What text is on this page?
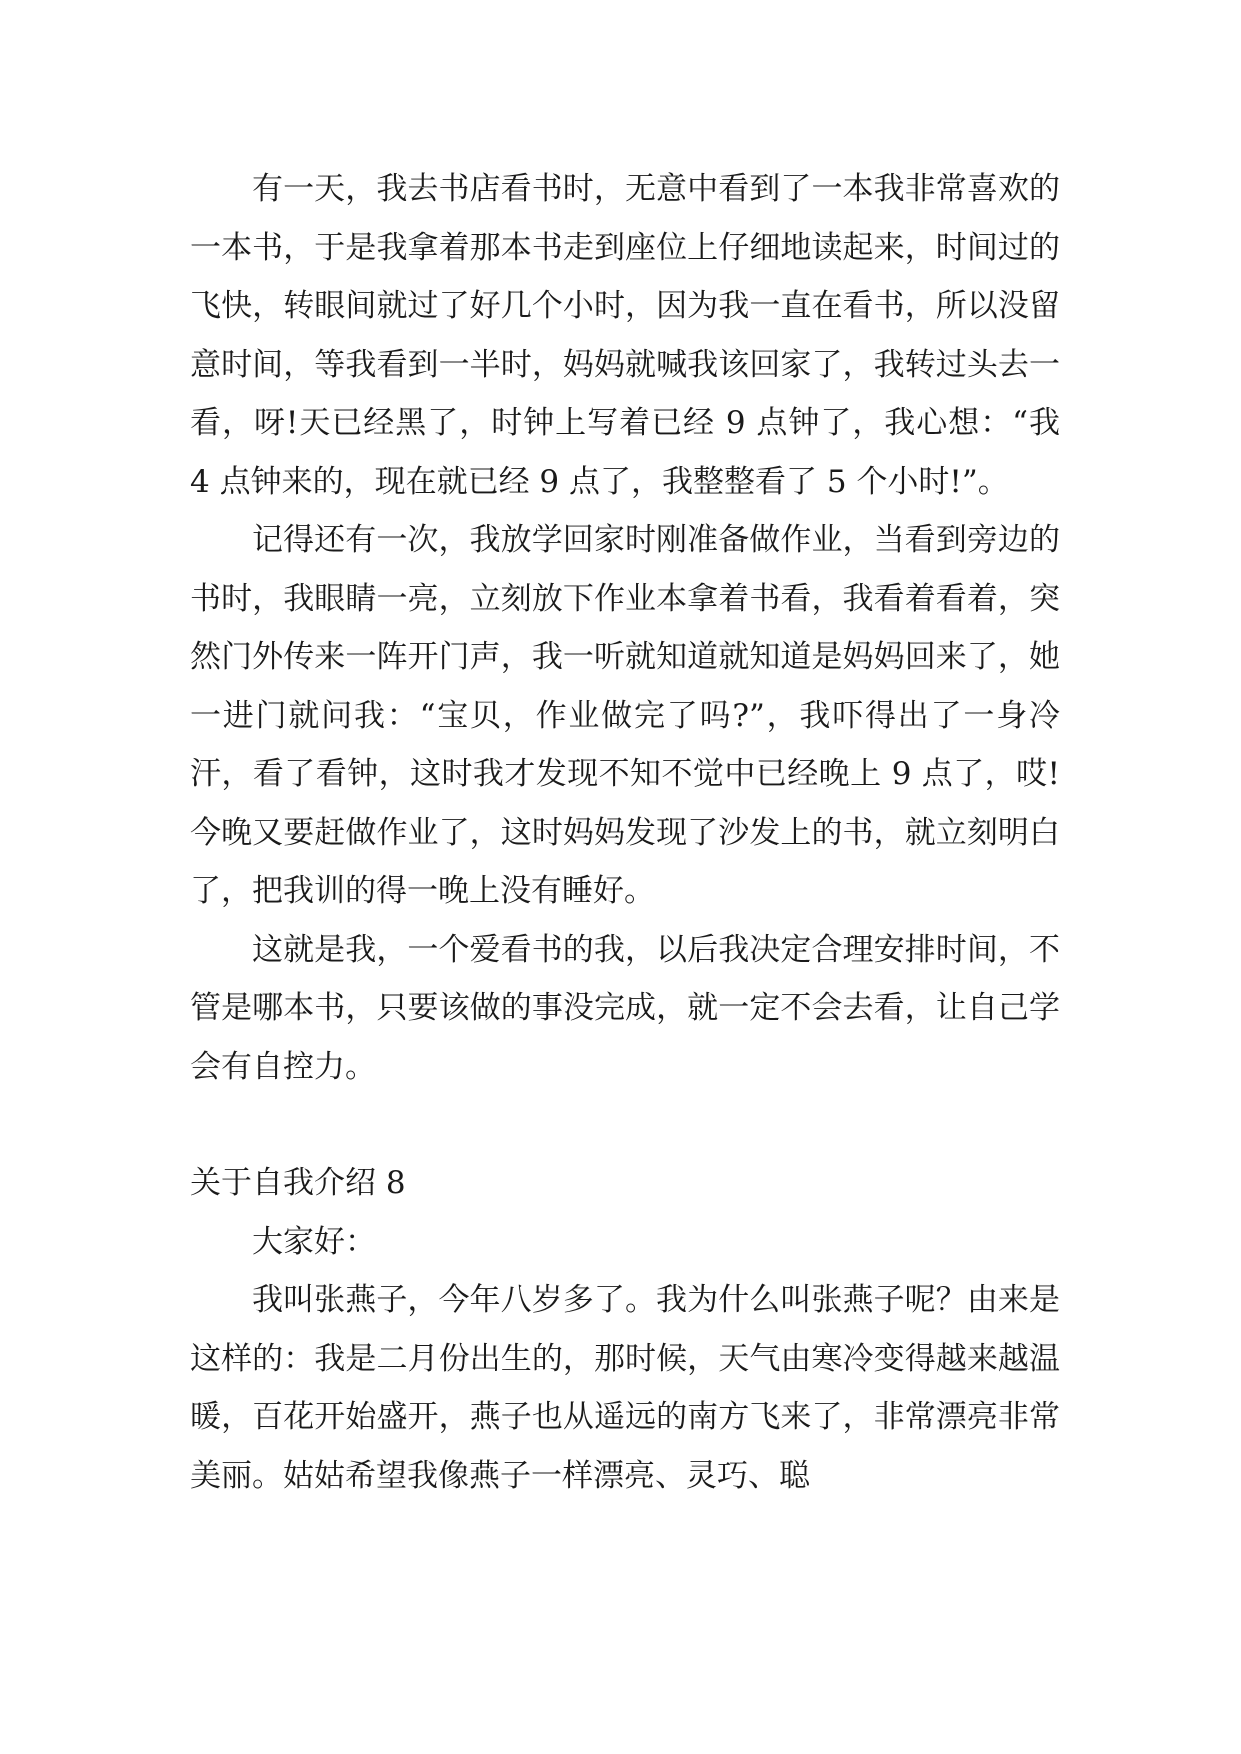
有一天，我去书店看书时，无意中看到了一本我非常喜欢的一本书，于是我拿着那本书走到座位上仔细地读起来，时间过的飞快，转眼间就过了好几个小时，因为我一直在看书，所以没留意时间，等我看到一半时，妈妈就喊我该回家了，我转过头去一看，呀!天已经黑了，时钟上写着已经 9 点钟了，我心想：“我 4 点钟来的，现在就已经 9 点了，我整整看了 5 个小时!”。

记得还有一次，我放学回家时刚准备做作业，当看到旁边的书时，我眼睛一亮，立刻放下作业本拿着书看，我看着看着，突然门外传来一阵开门声，我一听就知道就知道是妈妈回来了，她一进门就问我：“宝贝，作业做完了吗?”，我吓得出了一身冷汗，看了看钟，这时我才发现不知不觉中已经晚上 9 点了，哎!今晚又要赶做作业了，这时妈妈发现了沙发上的书，就立刻明白了，把我训的得一晚上没有睡好。

这就是我，一个爱看书的我，以后我决定合理安排时间，不管是哪本书，只要该做的事没完成，就一定不会去看，让自己学会有自控力。

关于自我介绍 8

大家好：

我叫张燕子，今年八岁多了。我为什么叫张燕子呢？由来是这样的：我是二月份出生的，那时候，天气由寒冷变得越来越温暖，百花开始盛开，燕子也从遥远的南方飞来了，非常漂亮非常美丽。姑姑希望我像燕子一样漂亮、灵巧、聪
